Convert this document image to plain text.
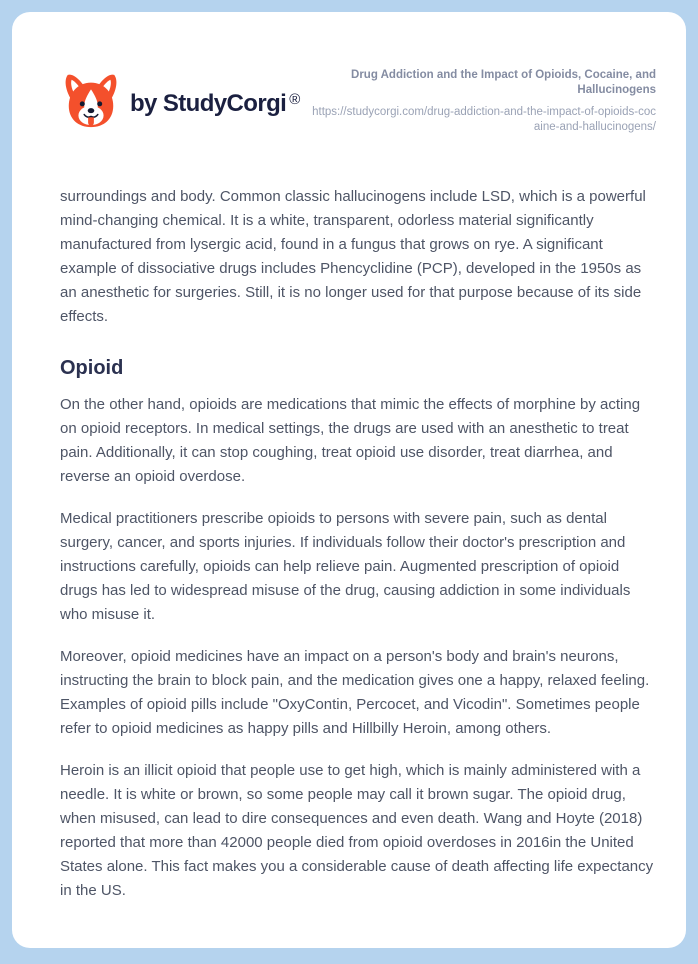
by StudyCorgi ®

Drug Addiction and the Impact of Opioids, Cocaine, and Hallucinogens

https://studycorgi.com/drug-addiction-and-the-impact-of-opioids-cocaine-and-hallucinogens/

surroundings and body. Common classic hallucinogens include LSD, which is a powerful mind-changing chemical. It is a white, transparent, odorless material significantly manufactured from lysergic acid, found in a fungus that grows on rye. A significant example of dissociative drugs includes Phencyclidine (PCP), developed in the 1950s as an anesthetic for surgeries. Still, it is no longer used for that purpose because of its side effects.

Opioid

On the other hand, opioids are medications that mimic the effects of morphine by acting on opioid receptors. In medical settings, the drugs are used with an anesthetic to treat pain. Additionally, it can stop coughing, treat opioid use disorder, treat diarrhea, and reverse an opioid overdose.

Medical practitioners prescribe opioids to persons with severe pain, such as dental surgery, cancer, and sports injuries. If individuals follow their doctor's prescription and instructions carefully, opioids can help relieve pain. Augmented prescription of opioid drugs has led to widespread misuse of the drug, causing addiction in some individuals who misuse it.

Moreover, opioid medicines have an impact on a person's body and brain's neurons, instructing the brain to block pain, and the medication gives one a happy, relaxed feeling. Examples of opioid pills include "OxyContin, Percocet, and Vicodin". Sometimes people refer to opioid medicines as happy pills and Hillbilly Heroin, among others.

Heroin is an illicit opioid that people use to get high, which is mainly administered with a needle. It is white or brown, so some people may call it brown sugar. The opioid drug, when misused, can lead to dire consequences and even death. Wang and Hoyte (2018) reported that more than 42000 people died from opioid overdoses in 2016in the United States alone. This fact makes you a considerable cause of death affecting life expectancy in the US.
